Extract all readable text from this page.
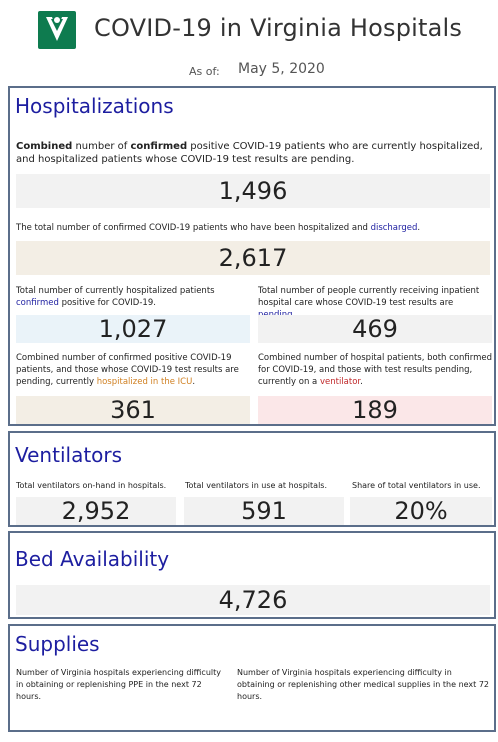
COVID-19 in Virginia Hospitals
As of: May 5, 2020
Hospitalizations
Combined number of confirmed positive COVID-19 patients who are currently hospitalized, and hospitalized patients whose COVID-19 test results are pending.
1,496
The total number of confirmed COVID-19 patients who have been hospitalized and discharged.
2,617
Total number of currently hospitalized patients confirmed positive for COVID-19.
1,027
Total number of people currently receiving inpatient hospital care whose COVID-19 test results are
469
Combined number of confirmed positive COVID-19 patients, and those whose COVID-19 test results are pending, currently hospitalized in the ICU.
361
Combined number of hospital patients, both confirmed for COVID-19, and those with test results pending, currently on a ventilator.
189
Ventilators
Total ventilators on-hand in hospitals.
2,952
Total ventilators in use at hospitals.
591
Share of total ventilators in use.
20%
Bed Availability
4,726
Supplies
Number of Virginia hospitals experiencing difficulty in obtaining or replenishing PPE in the next 72 hours.
Number of Virginia hospitals experiencing difficulty in obtaining or replenishing other medical supplies in the next 72 hours.
